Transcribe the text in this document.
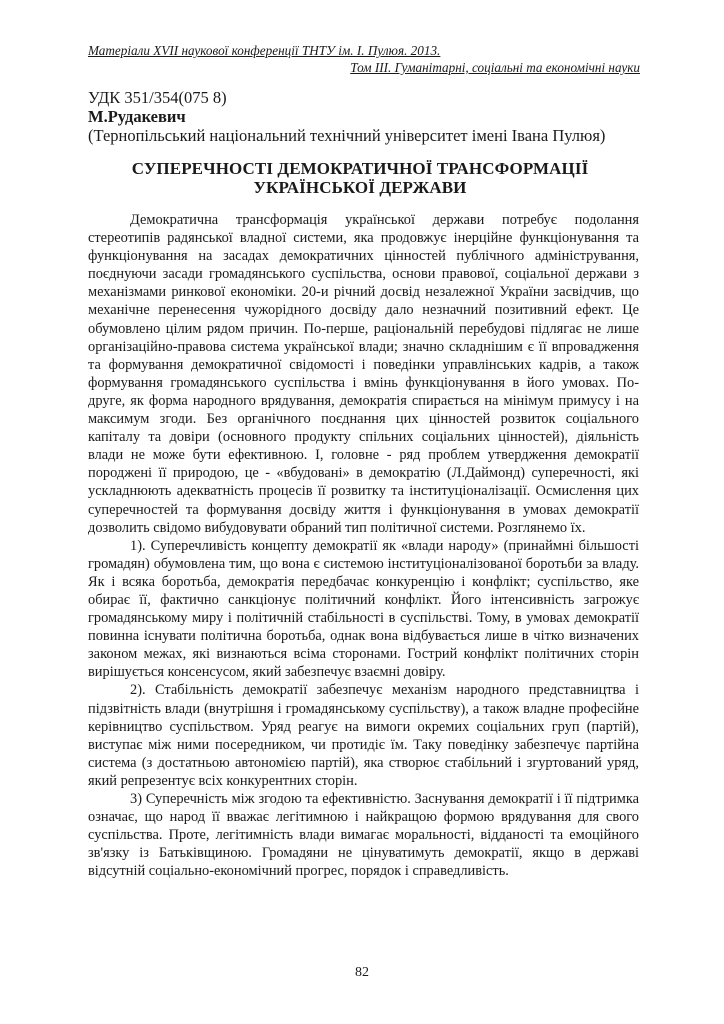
Матеріали XVІІ наукової конференції ТНТУ ім. І. Пулюя. 2013.
Том ІІІ. Гуманітарні, соціальні та економічні науки
УДК 351/354(075 8)
М.Рудакевич
(Тернопільський національний технічний університет імені Івана Пулюя)
СУПЕРЕЧНОСТІ ДЕМОКРАТИЧНОЇ ТРАНСФОРМАЦІЇ
УКРАЇНСЬКОЇ ДЕРЖАВИ

Демократична трансформація української держави потребує подолання стереотипів радянської владної системи, яка продовжує інерційне функціонування та функціонування на засадах демократичних цінностей публічного адміністрування, поєднуючи засади громадянського суспільства, основи правової, соціальної держави з механізмами ринкової економіки. 20-и річний досвід незалежної України засвідчив, що механічне перенесення чужорідного досвіду дало незначний позитивний ефект. Це обумовлено цілим рядом причин. По-перше, раціональній перебудові підлягає не лише організаційно-правова система української влади; значно складнішим є її впровадження та формування демократичної свідомості і поведінки управлінських кадрів, а також формування громадянського суспільства і вмінь функціонування в його умовах. По-друге, як форма народного врядування, демократія спирається на мінімум примусу і на максимум згоди. Без органічного поєднання цих цінностей розвиток соціального капіталу та довіри (основного продукту спільних соціальних цінностей), діяльність влади не може бути ефективною. І, головне - ряд проблем утвердження демократії породжені її природою, це - «вбудовані» в демократію (Л.Даймонд) суперечності, які ускладнюють адекватність процесів її розвитку та інституціоналізації. Осмислення цих суперечностей та формування досвіду життя і функціонування в умовах демократії дозволить свідомо вибудовувати обраний тип політичної системи. Розглянемо їх.

1). Суперечливість концепту демократії як «влади народу» (принаймні більшості громадян) обумовлена тим, що вона є системою інституціоналізованої боротьби за владу. Як і всяка боротьба, демократія передбачає конкуренцію і конфлікт; суспільство, яке обирає її, фактично санкціонує політичний конфлікт. Його інтенсивність загрожує громадянському миру і політичній стабільності в суспільстві. Тому, в умовах демократії повинна існувати політична боротьба, однак вона відбувається лише в чітко визначених законом межах, які визнаються всіма сторонами. Гострий конфлікт політичних сторін вирішується консенсусом, який забезпечує взаємні довіру.

2). Стабільність демократії забезпечує механізм народного представництва і підзвітність влади (внутрішня і громадянському суспільству), а також владне професійне керівництво суспільством. Уряд реагує на вимоги окремих соціальних груп (партій), виступає між ними посередником, чи протидіє їм. Таку поведінку забезпечує партійна система (з достатньою автономією партій), яка створює стабільний і згуртований уряд, який репрезентує всіх конкурентних сторін.

3) Суперечність між згодою та ефективністю. Заснування демократії і її підтримка означає, що народ її вважає легітимною і найкращою формою врядування для свого суспільства. Проте, легітимність влади вимагає моральності, відданості та емоційного зв'язку із Батьківщиною. Громадяни не цінуватимуть демократії, якщо в державі відсутній соціально-економічний прогрес, порядок і справедливість.

82
